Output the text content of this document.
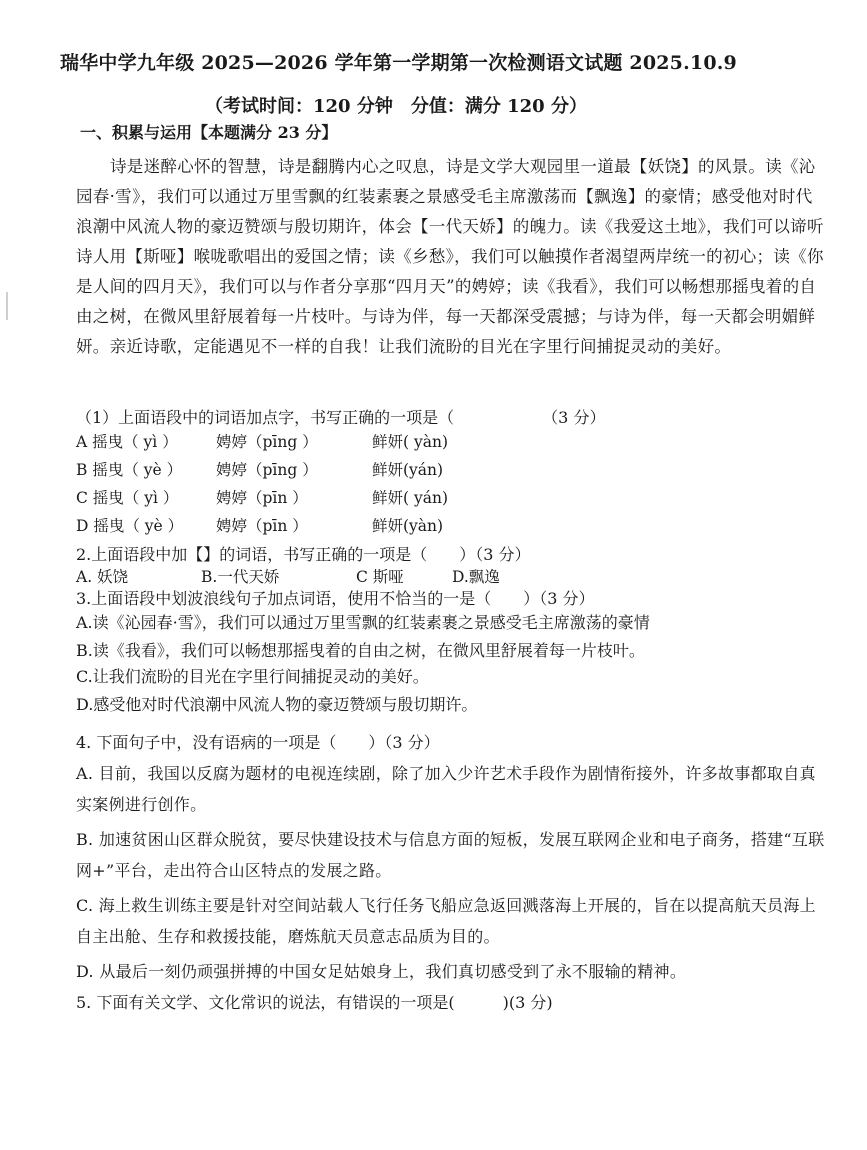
瑞华中学九年级 2025—2026 学年第一学期第一次检测语文试题 2025.10.9
（考试时间：120 分钟　分值：满分 120 分）
一、积累与运用【本题满分 23 分】
诗是迷醉心怀的智慧，诗是翻腾内心之叹息，诗是文学大观园里一道最【妖饶】的风景。读《沁园春·雪》，我们可以通过万里雪飘的红装素裹之景感受毛主席激荡而【飘逸】的豪情；感受他对时代浪潮中风流人物的豪迈赞颂与殷切期许，体会【一代天娇】的魄力。读《我爱这土地》，我们可以谛听诗人用【斯哑】喉咙歌唱出的爱国之情；读《乡愁》，我们可以触摸作者渴望两岸统一的初心；读《你是人间的四月天》，我们可以与作者分享那“四月天”的娉婷；读《我看》，我们可以畅想那摇曳着的自由之树，在微风里舒展着每一片枝叶。与诗为伴，每一天都深受震撼；与诗为伴，每一天都会明媚鲜妍。亲近诗歌，定能遇见不一样的自我！让我们流盼的目光在字里行间捕捉灵动的美好。
（1）上面语段中的词语加点字，书写正确的一项是（　　　　　　（3 分）
A 摇曳（ yì ） 娉婷（pīng ）	鲜妍( yàn)
B 摇曳（ yè ） 娉婷（pīng ）	鲜妍(yán)
C 摇曳（ yì ） 娉婷（pīn ）	鲜妍( yán)
D 摇曳（ yè ） 娉婷（pīn ）	鲜妍(yàn)
2.上面语段中加【】的词语，书写正确的一项是（　　）（3 分）
A. 妖饶	B.一代天娇	C 斯哑	D.飘逸
3.上面语段中划波浪线句子加点词语，使用不恰当的一是（　　）（3 分）
A.读《沁园春·雪》，我们可以通过万里雪飘的红装素裹之景感受毛主席激荡的豪情
B.读《我看》，我们可以畅想那摇曳着的自由之树，在微风里舒展着每一片枝叶。
C.让我们流盼的目光在字里行间捕捉灵动的美好。
D.感受他对时代浪潮中风流人物的豪迈赞颂与殷切期许。
4. 下面句子中，没有语病的一项是（　　）（3 分）
A. 目前，我国以反腐为题材的电视连续剧，除了加入少许艺术手段作为剧情衔接外，许多故事都取自真实案例进行创作。
B. 加速贫困山区群众脱贫，要尽快建设技术与信息方面的短板，发展互联网企业和电子商务，搭建“互联网+”平台，走出符合山区特点的发展之路。
C. 海上救生训练主要是针对空间站载人飞行任务飞船应急返回溅落海上开展的，旨在以提高航天员海上自主出舱、生存和救援技能，磨炼航天员意志品质为目的。
D. 从最后一刻仍顽强拼搏的中国女足姑娘身上，我们真切感受到了永不服输的精神。
5. 下面有关文学、文化常识的说法，有错误的一项是(　　　)(3 分)
